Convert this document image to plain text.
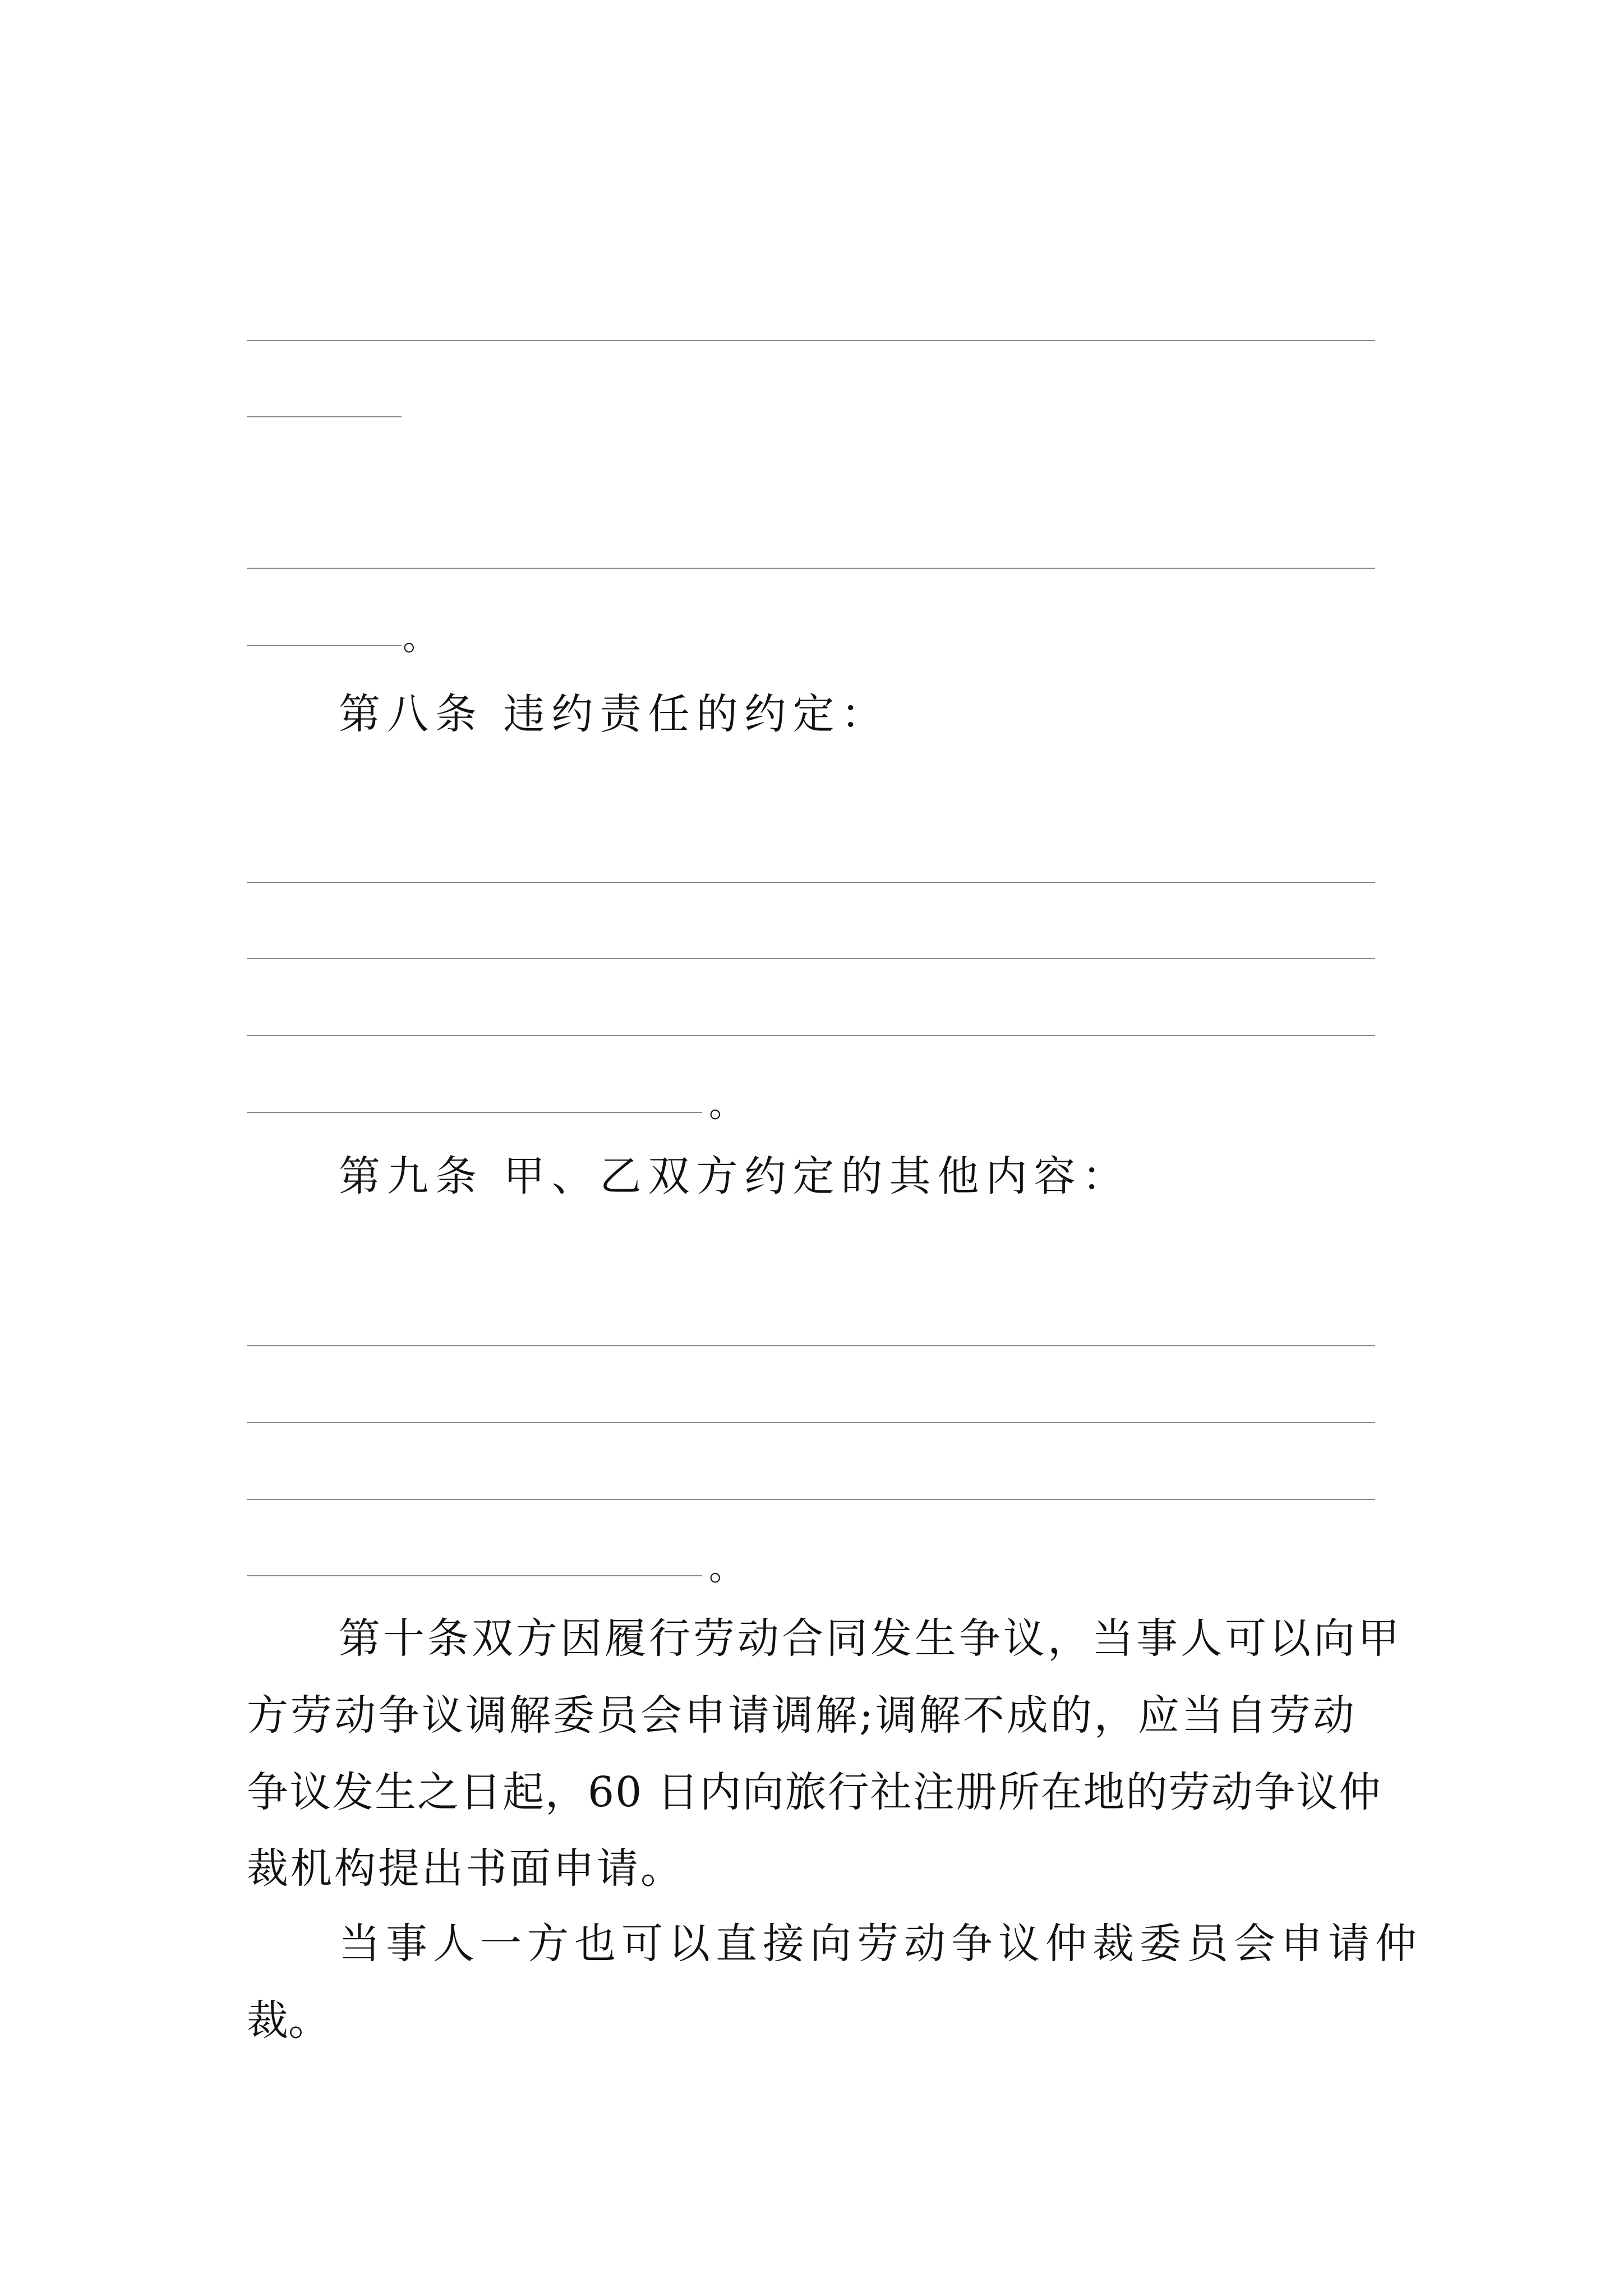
。
第八条 违约责任的约定：
。
第九条 甲、乙双方约定的其他内容：
。
第十条双方因履行劳动合同发生争议，当事人可以向甲
方劳动争议调解委员会申请调解;调解不成的，应当自劳动
争议发生之日起，60 日内向旅行社注册所在地的劳动争议仲
裁机构提出书面申请。
当事人一方也可以直接向劳动争议仲裁委员会申请仲
裁。
